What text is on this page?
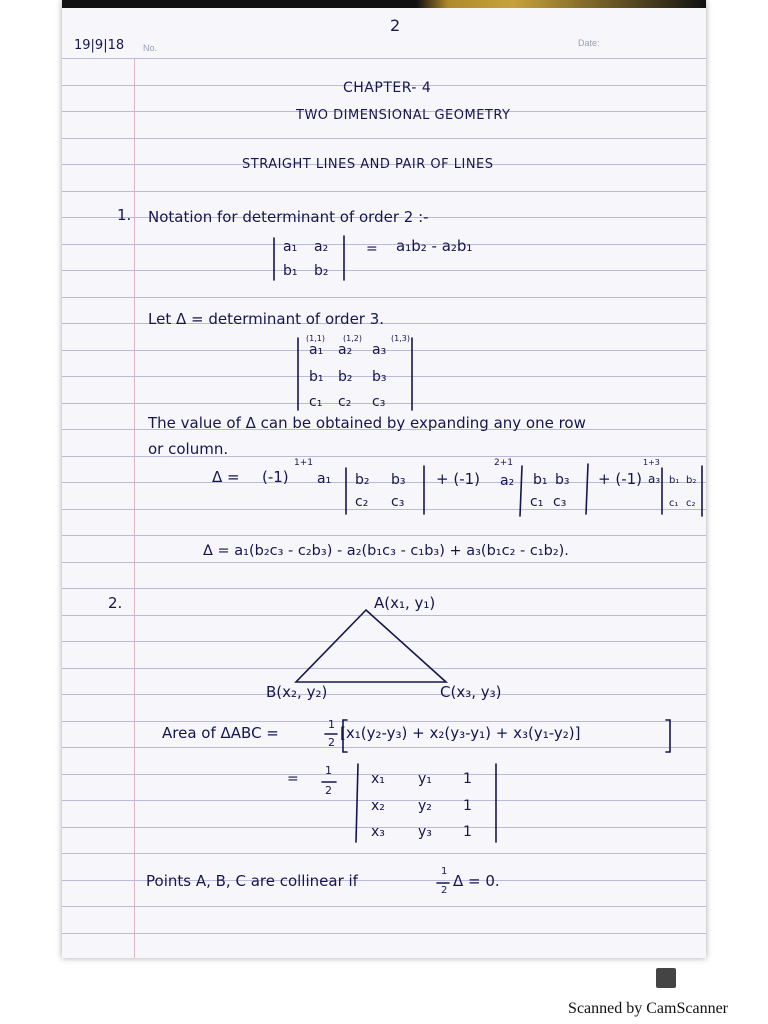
2
19|9|18 No.	Date:
CHAPTER- 4
TWO DIMENSIONAL GEOMETRY
STRAIGHT LINES AND PAIR OF LINES
1. Notation for determinant of order 2 :-
a₁ a₂
b₁ b₂
= a₁b₂ - a₂b₁
Let Δ = determinant of order 3.
(1,1) (1,2)	(1,3)
a₁ a₂ a₃
b₁ b₂ b₃
c₁ c₂ c₃
The value of Δ can be obtained by expanding any one row
or column.
Δ = (-1)
1+1
a₁ b₂ b₃
c₂ c₃
+ (-1)
2+1
a₂ b₁ b₃
c₁ c₃
+ (-1)
1+3
a₃ b₁ b₂
c₁ c₂
Δ = a₁(b₂c₃ - c₂b₃) - a₂(b₁c₃ - c₁b₃) + a₃(b₁c₂ - c₁b₂).
2.	A(x₁, y₁)
B(x₂, y₂)	C(x₃, y₃)
Area of ΔABC =	1
2
[x₁(y₂-y₃) + x₂(y₃-y₁) + x₃(y₁-y₂)]
=
1
2
x₁ y₁ 1
x₂ y₂ 1
x₃ y₃ 1
Points A, B, C are collinear if
1
2
Δ = 0.
Scanned by CamScanner
